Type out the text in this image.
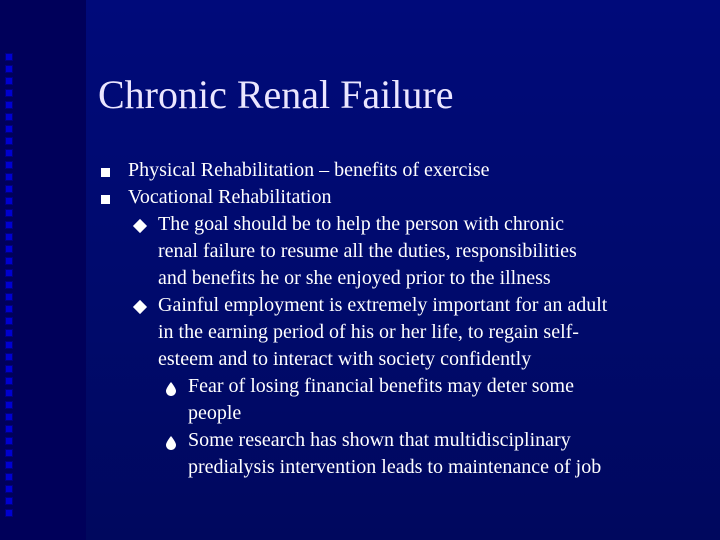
Chronic Renal Failure
Physical Rehabilitation – benefits of exercise
Vocational Rehabilitation
The goal should be to help the person with chronic
renal failure to resume all the duties, responsibilities
and benefits he or she enjoyed prior to the illness
Gainful employment is extremely important for an adult
in the earning period of his or her life, to regain self-
esteem and to interact with society confidently
Fear of losing financial benefits may deter some
people
Some research has shown that multidisciplinary
predialysis intervention leads to maintenance of job
